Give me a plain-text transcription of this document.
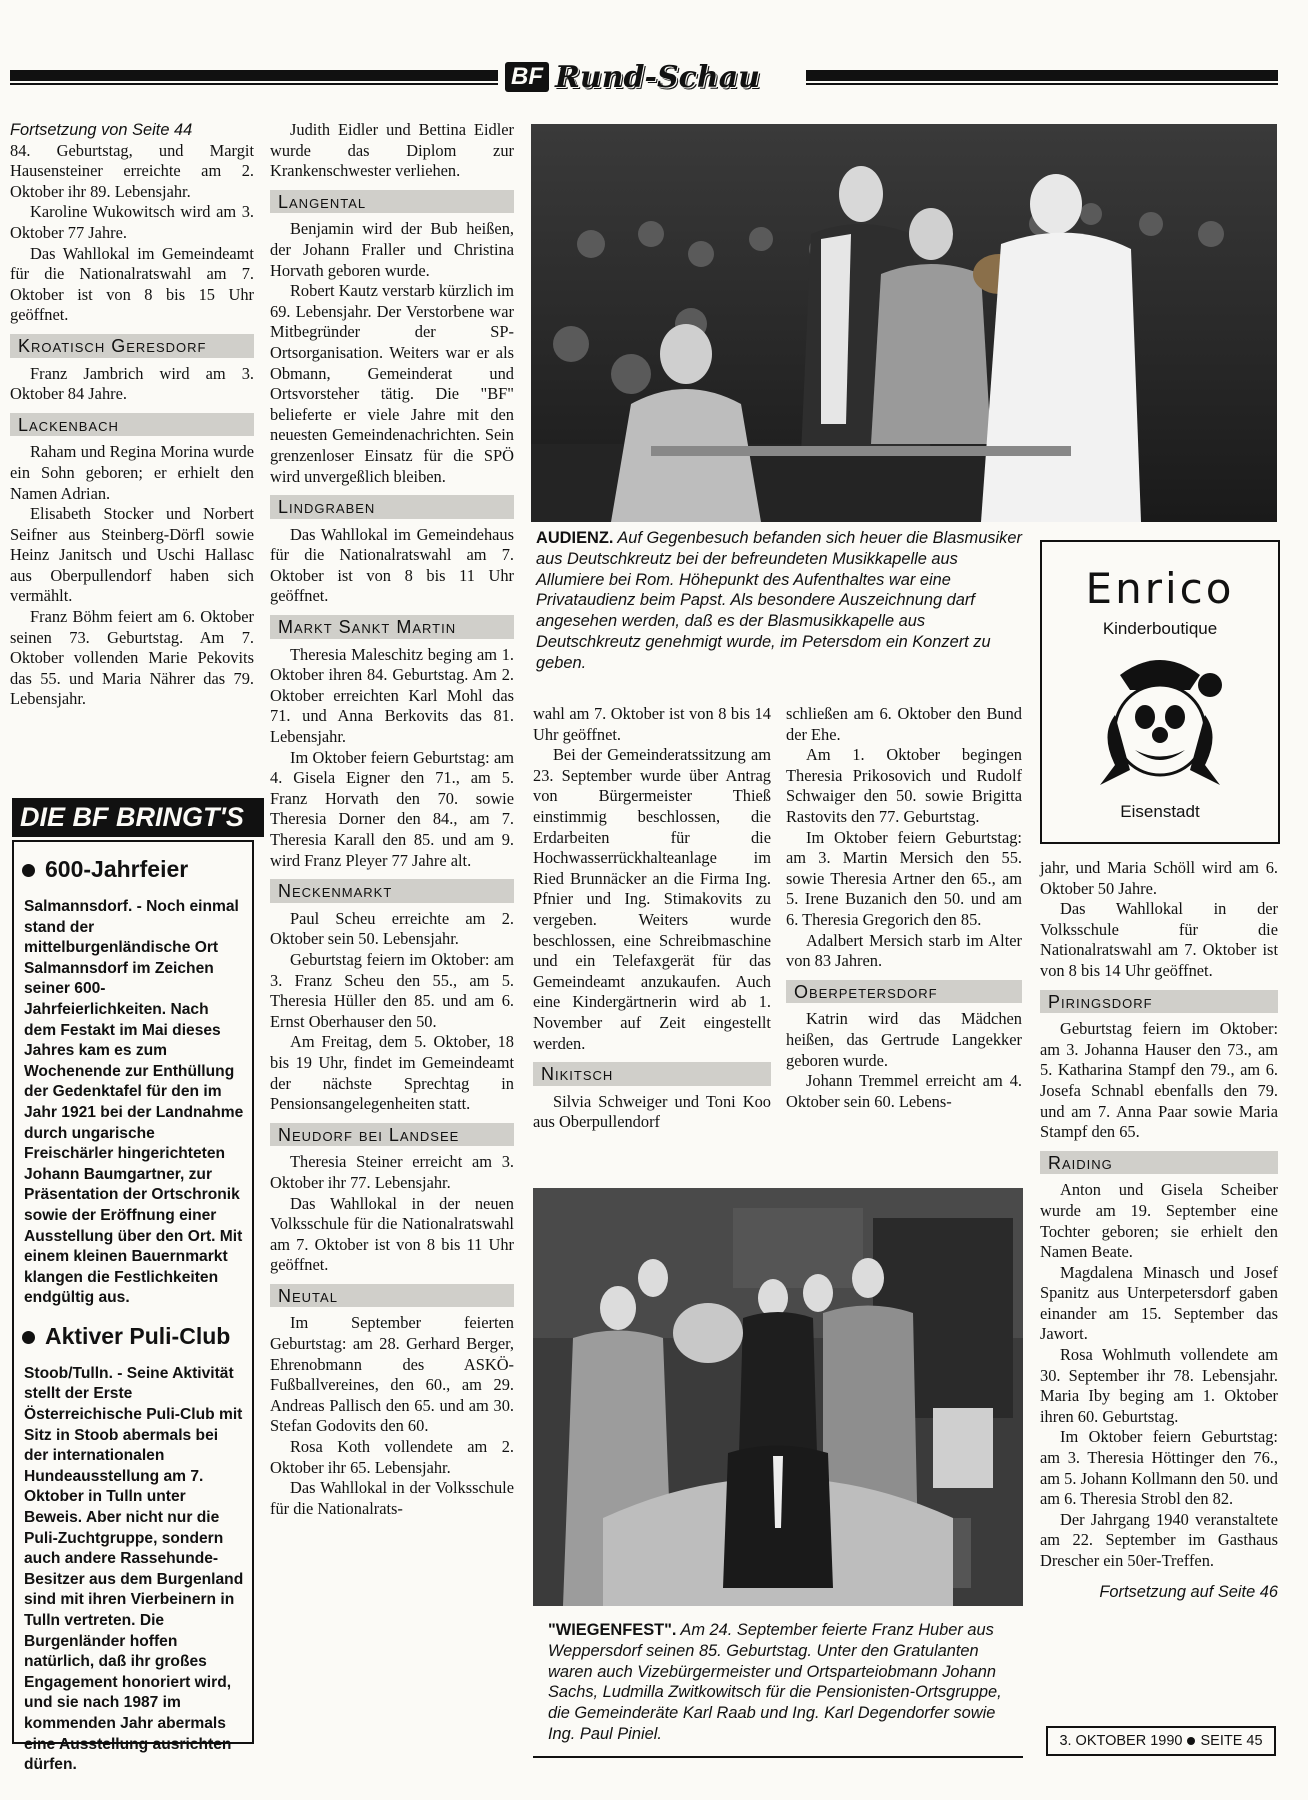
BF Rund-Schau

Fortsetzung von Seite 44

84. Geburtstag, und Margit Hausensteiner erreichte am 2. Oktober ihr 89. Lebensjahr.

Karoline Wukowitsch wird am 3. Oktober 77 Jahre.

Das Wahllokal im Gemeindeamt für die Nationalratswahl am 7. Oktober ist von 8 bis 15 Uhr geöffnet.

Kroatisch Geresdorf

Franz Jambrich wird am 3. Oktober 84 Jahre.

Lackenbach

Raham und Regina Morina wurde ein Sohn geboren; er erhielt den Namen Adrian.

Elisabeth Stocker und Norbert Seifner aus Steinberg-Dörfl sowie Heinz Janitsch und Uschi Hallasc aus Oberpullendorf haben sich vermählt.

Franz Böhm feiert am 6. Oktober seinen 73. Geburtstag. Am 7. Oktober vollenden Marie Pekovits das 55. und Maria Nährer das 79. Lebensjahr.

DIE BF BRINGT'S
600-Jahrfeier
Salmannsdorf. - Noch einmal stand der mittelburgenländische Ort Salmannsdorf im Zeichen seiner 600-Jahrfeierlichkeiten. Nach dem Festakt im Mai dieses Jahres kam es zum Wochenende zur Enthüllung der Gedenktafel für den im Jahr 1921 bei der Landnahme durch ungarische Freischärler hingerichteten Johann Baumgartner, zur Präsentation der Ortschronik sowie der Eröffnung einer Ausstellung über den Ort. Mit einem kleinen Bauernmarkt klangen die Festlichkeiten endgültig aus.
Aktiver Puli-Club
Stoob/Tulln. - Seine Aktivität stellt der Erste Österreichische Puli-Club mit Sitz in Stoob abermals bei der internationalen Hundeausstellung am 7. Oktober in Tulln unter Beweis. Aber nicht nur die Puli-Zuchtgruppe, sondern auch andere Rassehunde-Besitzer aus dem Burgenland sind mit ihren Vierbeinern in Tulln vertreten. Die Burgenländer hoffen natürlich, daß ihr großes Engagement honoriert wird, und sie nach 1987 im kommenden Jahr abermals eine Ausstellung ausrichten dürfen.

Judith Eidler und Bettina Eidler wurde das Diplom zur Krankenschwester verliehen.

Langental

Benjamin wird der Bub heißen, der Johann Fraller und Christina Horvath geboren wurde.

Robert Kautz verstarb kürzlich im 69. Lebensjahr. Der Verstorbene war Mitbegründer der SP-Ortsorganisation. Weiters war er als Obmann, Gemeinderat und Ortsvorsteher tätig. Die "BF" belieferte er viele Jahre mit den neuesten Gemeindenachrichten. Sein grenzenloser Einsatz für die SPÖ wird unvergeßlich bleiben.

Lindgraben

Das Wahllokal im Gemeindehaus für die Nationalratswahl am 7. Oktober ist von 8 bis 11 Uhr geöffnet.

Markt Sankt Martin

Theresia Maleschitz beging am 1. Oktober ihren 84. Geburtstag. Am 2. Oktober erreichten Karl Mohl das 71. und Anna Berkovits das 81. Lebensjahr.

Im Oktober feiern Geburtstag: am 4. Gisela Eigner den 71., am 5. Franz Horvath den 70. sowie Theresia Dorner den 84., am 7. Theresia Karall den 85. und am 9. wird Franz Pleyer 77 Jahre alt.

Neckenmarkt

Paul Scheu erreichte am 2. Oktober sein 50. Lebensjahr.

Geburtstag feiern im Oktober: am 3. Franz Scheu den 55., am 5. Theresia Hüller den 85. und am 6. Ernst Oberhauser den 50.

Am Freitag, dem 5. Oktober, 18 bis 19 Uhr, findet im Gemeindeamt der nächste Sprechtag in Pensionsangelegenheiten statt.

Neudorf bei Landsee

Theresia Steiner erreicht am 3. Oktober ihr 77. Lebensjahr.

Das Wahllokal in der neuen Volksschule für die Nationalratswahl am 7. Oktober ist von 8 bis 11 Uhr geöffnet.

Neutal

Im September feierten Geburtstag: am 28. Gerhard Berger, Ehrenobmann des ASKÖ-Fußballvereines, den 60., am 29. Andreas Pallisch den 65. und am 30. Stefan Godovits den 60.

Rosa Koth vollendete am 2. Oktober ihr 65. Lebensjahr.

Das Wahllokal in der Volksschule für die Nationalrats-

AUDIENZ. Auf Gegenbesuch befanden sich heuer die Blasmusiker aus Deutschkreutz bei der befreundeten Musikkapelle aus Allumiere bei Rom. Höhepunkt des Aufenthaltes war eine Privataudienz beim Papst. Als besondere Auszeichnung darf angesehen werden, daß es der Blasmusikkapelle aus Deutschkreutz genehmigt wurde, im Petersdom ein Konzert zu geben.
Enrico
Kinderboutique
Eisenstadt

wahl am 7. Oktober ist von 8 bis 14 Uhr geöffnet.

Bei der Gemeinderatssitzung am 23. September wurde über Antrag von Bürgermeister Thieß einstimmig beschlossen, die Erdarbeiten für die Hochwasserrückhalteanlage im Ried Brunnäcker an die Firma Ing. Pfnier und Ing. Stimakovits zu vergeben. Weiters wurde beschlossen, eine Schreibmaschine und ein Telefaxgerät für das Gemeindeamt anzukaufen. Auch eine Kindergärtnerin wird ab 1. November auf Zeit eingestellt werden.

Nikitsch

Silvia Schweiger und Toni Koo aus Oberpullendorf

schließen am 6. Oktober den Bund der Ehe.

Am 1. Oktober begingen Theresia Prikosovich und Rudolf Schwaiger den 50. sowie Brigitta Rastovits den 77. Geburtstag.

Im Oktober feiern Geburtstag: am 3. Martin Mersich den 55. sowie Theresia Artner den 65., am 5. Irene Buzanich den 50. und am 6. Theresia Gregorich den 85.

Adalbert Mersich starb im Alter von 83 Jahren.

Oberpetersdorf

Katrin wird das Mädchen heißen, das Gertrude Langekker geboren wurde.

Johann Tremmel erreicht am 4. Oktober sein 60. Lebens-

jahr, und Maria Schöll wird am 6. Oktober 50 Jahre.

Das Wahllokal in der Volksschule für die Nationalratswahl am 7. Oktober ist von 8 bis 14 Uhr geöffnet.

Piringsdorf

Geburtstag feiern im Oktober: am 3. Johanna Hauser den 73., am 5. Katharina Stampf den 79., am 6. Josefa Schnabl ebenfalls den 79. und am 7. Anna Paar sowie Maria Stampf den 65.

Raiding

Anton und Gisela Scheiber wurde am 19. September eine Tochter geboren; sie erhielt den Namen Beate.

Magdalena Minasch und Josef Spanitz aus Unterpetersdorf gaben einander am 15. September das Jawort.

Rosa Wohlmuth vollendete am 30. September ihr 78. Lebensjahr. Maria Iby beging am 1. Oktober ihren 60. Geburtstag.

Im Oktober feiern Geburtstag: am 3. Theresia Höttinger den 76., am 5. Johann Kollmann den 50. und am 6. Theresia Strobl den 82.

Der Jahrgang 1940 veranstaltete am 22. September im Gasthaus Drescher ein 50er-Treffen.

Fortsetzung auf Seite 46

"WIEGENFEST". Am 24. September feierte Franz Huber aus Weppersdorf seinen 85. Geburtstag. Unter den Gratulanten waren auch Vizebürgermeister und Ortsparteiobmann Johann Sachs, Ludmilla Zwitkowitsch für die Pensionisten-Ortsgruppe, die Gemeinderäte Karl Raab und Ing. Karl Degendorfer sowie Ing. Paul Piniel.	3. OKTOBER 1990 SEITE 45
